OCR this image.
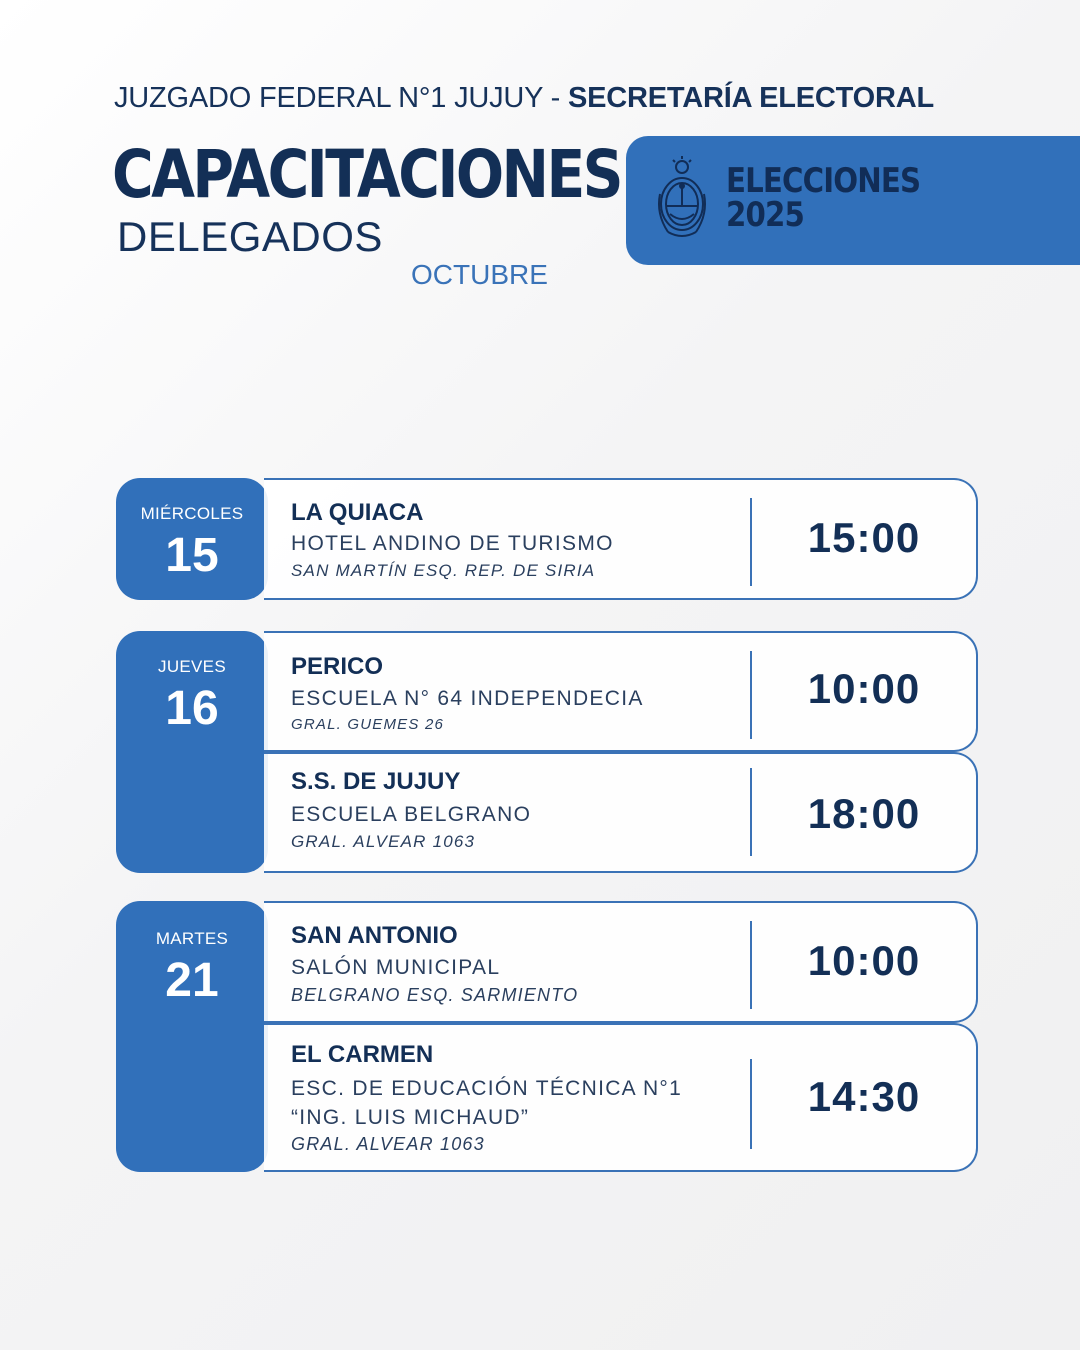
JUZGADO FEDERAL N°1 JUJUY - SECRETARÍA ELECTORAL
CAPACITACIONES
DELEGADOS
OCTUBRE
ELECCIONES
2025
MIÉRCOLES
15
LA QUIACA
HOTEL ANDINO DE TURISMO
SAN MARTÍN ESQ. REP. DE SIRIA
15:00
JUEVES
16
PERICO
ESCUELA N° 64 INDEPENDECIA
GRAL. GUEMES 26
10:00
S.S. DE JUJUY
ESCUELA BELGRANO
GRAL. ALVEAR 1063
18:00
MARTES
21
SAN ANTONIO
SALÓN MUNICIPAL
BELGRANO ESQ. SARMIENTO
10:00
EL CARMEN
ESC. DE EDUCACIÓN TÉCNICA N°1
“ING. LUIS MICHAUD”
GRAL. ALVEAR 1063
14:30
